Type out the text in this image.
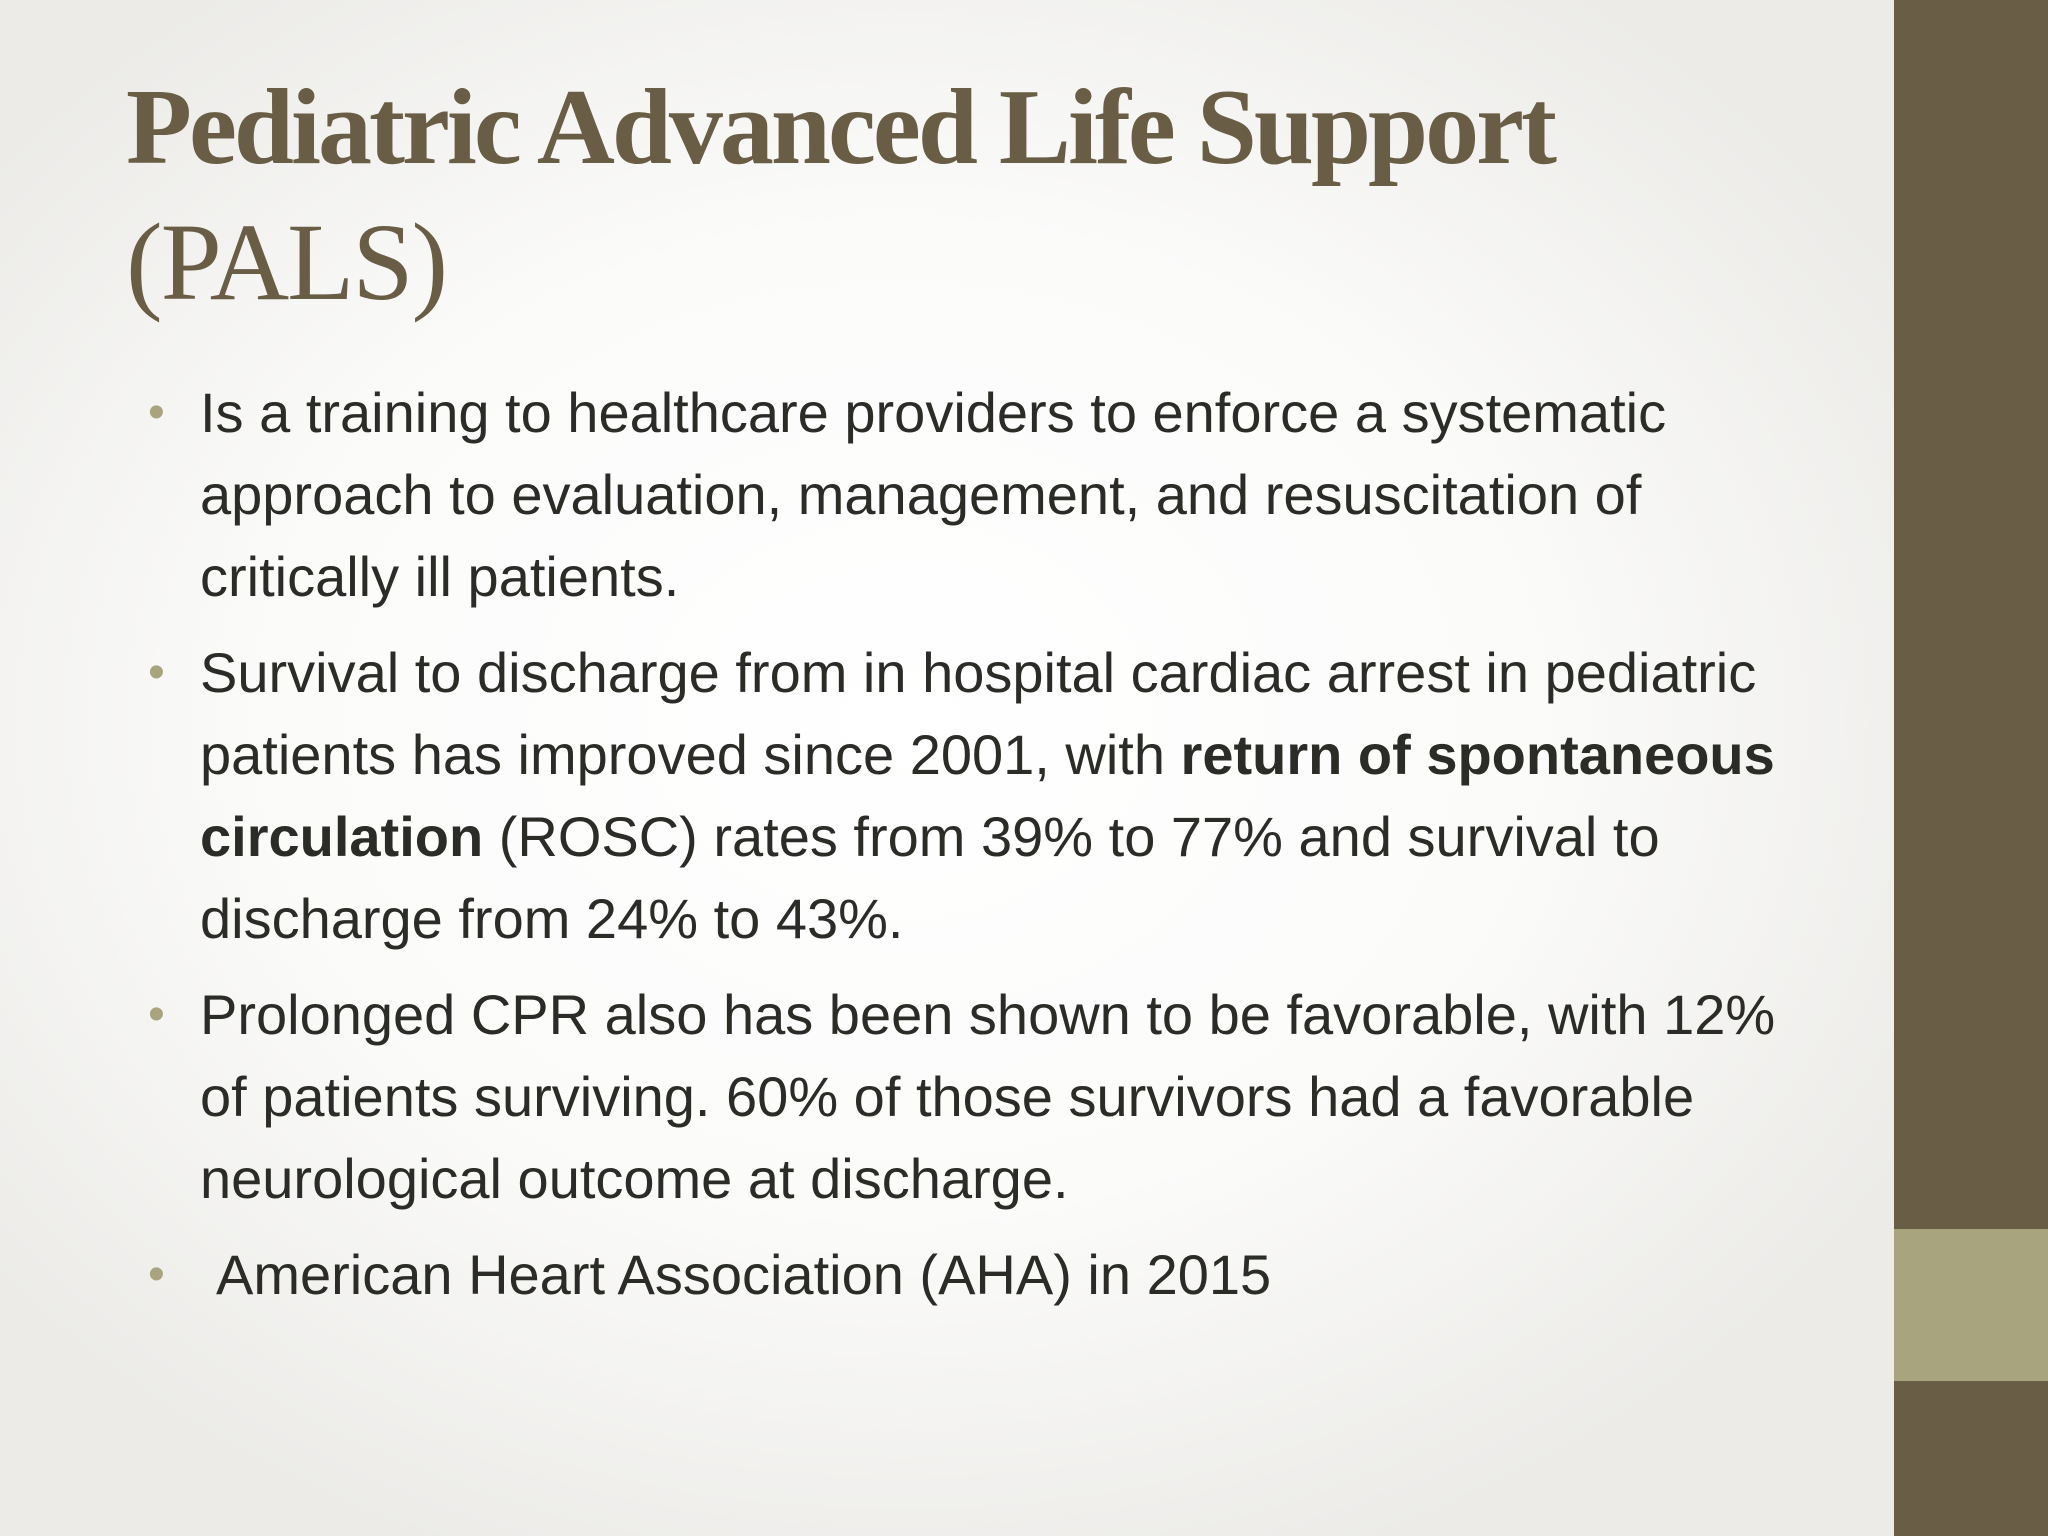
Pediatric Advanced Life Support
(PALS)
• Is a training to healthcare providers to enforce a systematic approach to evaluation, management, and resuscitation of critically ill patients.
• Survival to discharge from in hospital cardiac arrest in pediatric patients has improved since 2001, with return of spontaneous circulation (ROSC) rates from 39% to 77% and survival to discharge from 24% to 43%.
• Prolonged CPR also has been shown to be favorable, with 12% of patients surviving. 60% of those survivors had a favorable neurological outcome at discharge.
• American Heart Association (AHA) in 2015
